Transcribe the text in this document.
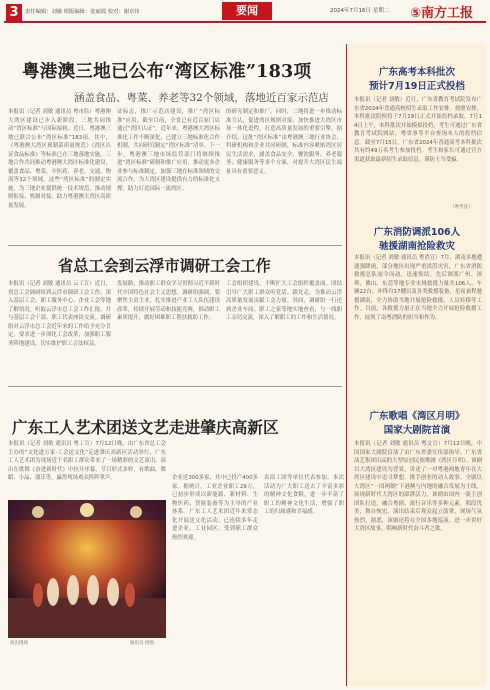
3	责任编辑：刘敏 组版编辑：张丽霞 校对：谢卓伟	要闻	2024年7月16日 星期二 ⑤南方工报
粤港澳三地已公布“湾区标准”183项
涵盖食品、粤菜、养老等32个领域，落地近百家示范店
本报讯（记者 刘敏 通讯员 粤市监）粤港澳大湾区建设已步入新阶段，三地共同推动“湾区标准”与国际接轨。近日，粤港澳三地已联合公布“湾区标准”183项。其中，《粤港澳大湾区预制菜质量规范》《湾区认证食品标准》等标准已在三地落地实施，三地合作共同推动粤港澳大湾区标准化建设，覆盖食品、粤菜、中医药、养老、交通、物流等32个领域。这些“湾区标准”的制定实施，为三地企业提供统一技术规范，推动规则衔接、机制对接，助力粤港澳大湾区高质量发展。
证标志，推广示范店建设，推广“湾区标准”应用，截至目前，全省已有近百家门店通过“湾区认证”。近年来，粤港澳大湾区标准化工作不断深化，已建立三地标准化合作机制，共同研究制定“湾区标准”清单。下一步，粤港澳三地市场监管部门将继续推进“湾区标准”研制和推广应用，推动更多企业参与标准制定，加强三地在标准领域的交流合作，为大湾区建设提供有力的标准化支撑，助力打造国际一流湾区。
的研究制定和推广。同时，三地将进一步推动标准互认，促进湾区规则对接，加快推进大湾区市场一体化进程，打造高质量发展的重要引擎。据介绍，这批“湾区标准”由粤港澳三地行业协会、科研机构和企业共同研制，标准内容紧贴湾区居民生活需求，涵盖食品安全、餐饮服务、养老服务、健康服务等多个方面，对提升大湾区民生福祉具有重要意义。
省总工会到云浮市调研工会工作
本报讯（记者 刘敏 通讯员 云工宣）近日，省总工会调研组到云浮市调研工会工作，深入基层工会、职工服务中心、企业工会等地了解情况，听取云浮市总工会工作汇报，并与基层工会干部、职工代表座谈交流。调研组对云浮市总工会近年来的工作给予充分肯定，要求进一步深化工会改革，加强职工服务阵地建设，切实维护职工合法权益。
发展路，推动职工群众学习贯彻习近平新时代中国特色社会主义思想。调研组强调，要聚焦主责主业，扎实推进产业工人队伍建设改革，持续开展劳动和技能竞赛，推动职工素质提升，做好困难职工帮扶救助工作。
工会组织建设，不断扩大工会组织覆盖面，团结引导广大职工群众听党话、跟党走，为推动云浮高质量发展贡献工会力量。其间，调研组一行还到企业车间、职工之家等地实地查看，与一线职工亲切交流，深入了解职工的工作和生活情况。
广东工人艺术团送文艺走进肇庆高新区
本报讯（记者 刘敏 通讯员 粤工宣）7月12日晚，由广东省总工会主办的“文化进万家·工会送文化”走进肇庆高新区活动举行，广东工人艺术团为现场近千名职工群众带来了一场精彩的文艺演出。演出在歌舞《奋进新时代》中拉开序幕，节目形式多样，有歌曲、舞蹈、小品、器乐等，赢得现场观众阵阵掌声。
演出现场	通讯员 供图
企业近300多家，其中已投产400多家。据统计，工业企业职工29万，已初步形成以新能源、新材料、生物医药、智能装备等为主导的产业体系。广东工人艺术团近年来常态化开展送文化活动，已连续多年走进企业、工业园区，受到职工群众热烈欢迎。
表演工团等单位代表参加。本次活动为广大职工送去了丰富多彩的精神文化食粮，进一步丰富了职工的精神文化生活，增强了职工的归属感和幸福感。
广东高考本科批次
预计7月19日正式投档
本报讯（记者 刘敏）近日，广东省教育考试院发布广东省2024年普通高校招生录取工作安排。按照安排，本科批次院校将于7月19日正式开始投档录取。7月14日上午，本科批次开始模拟投档，考生可通过广东省教育考试院网站、粤省事等平台查询本人的投档信息。截至7月15日，广东省2024年普通高考本科批次共有约49万名考生参加投档。考生和家长可通过官方渠道获取最新招生录取信息，谨防上当受骗。
（粤考宣）
广东消防调派106人
驰援湖南抢险救灾
本报讯（记者 刘敏 通讯员 粤消宣）7月，湖南多地遭遇强降雨，部分地区出现严重洪涝灾害，广东省消防救援总队闻令而动，迅速集结，先后调派广州、深圳、佛山、东莞等地专业水域救援力量共106人、车辆22台、冲锋舟17艘以及各类救援装备，星夜兼程驰援湖南，全力协助当地开展抢险救援、人员转移等工作。目前，各救援力量正在当地全力开展抢险救援工作，展现了南粤消防的担当和作为。
广东歌唱《湾区月明》
国家大剧院首演
本报讯（记者 刘敏 通讯员 粤文宣）7月12日晚，中国国家大剧院首演了由广东省委宣传部指导、广东省演艺集团出品的大型原创民族歌剧《湾区月明》。该剧以大湾区建设为背景，讲述了一对粤港两地青年在大湾区建设中追寻梦想、携手创业的动人故事。全剧以大湾区“一国两制”下港澳与内地的融合发展为主线，展现新时代大湾区的澎湃活力。该剧由国内一流主创团队打造，融合粤剧、流行音乐等多种元素，唱段优美，舞台恢宏，演出结束后观众起立鼓掌，现场气氛热烈。据悉，该剧还将在全国多地巡演，进一步讲好大湾区故事，唱响新时代奋斗者之歌。
